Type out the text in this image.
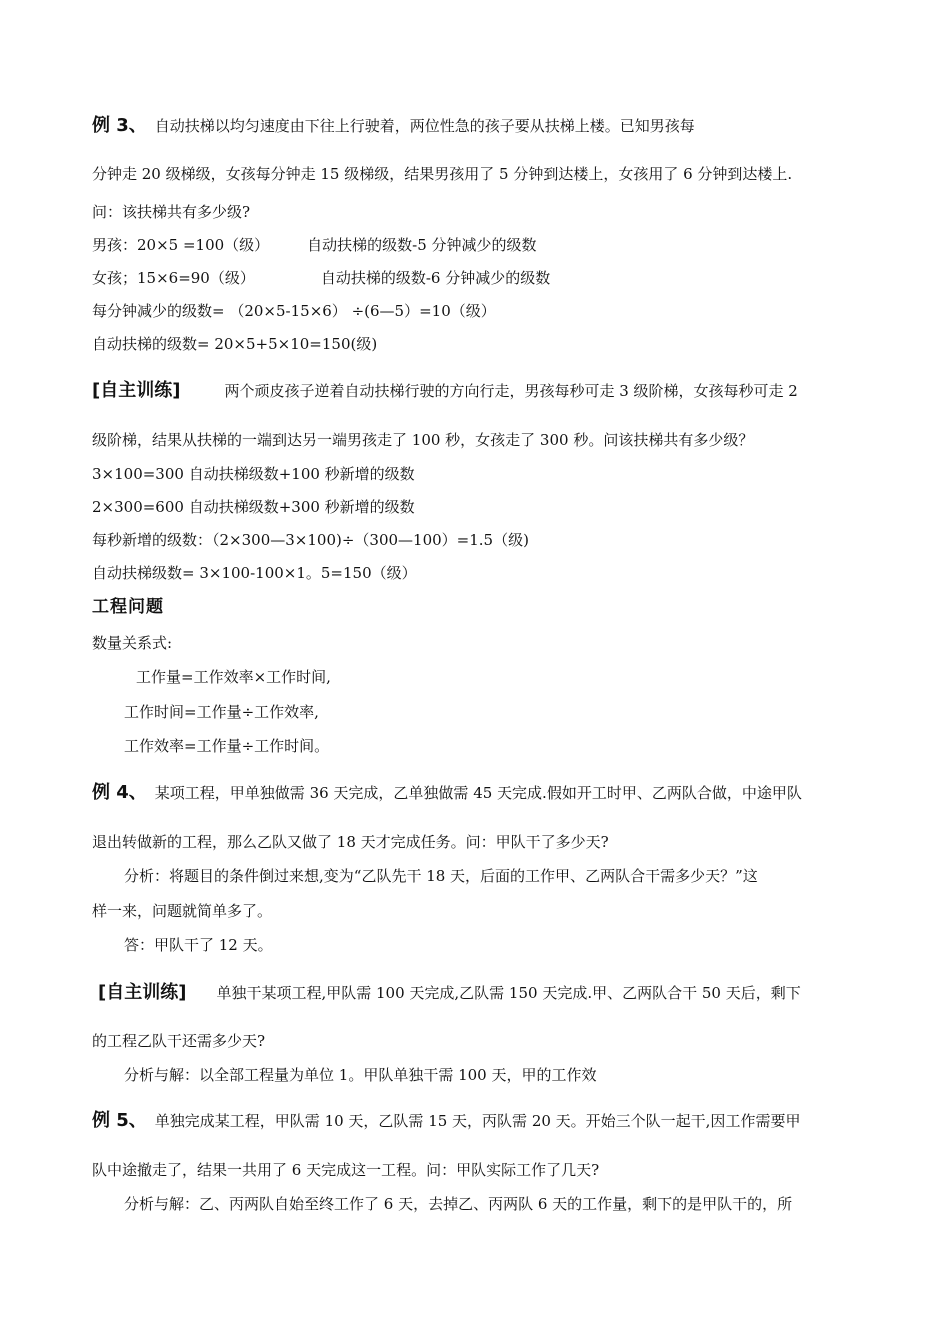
例 3、 自动扶梯以均匀速度由下往上行驶着，两位性急的孩子要从扶梯上楼。已知男孩每
分钟走 20 级梯级，女孩每分钟走 15 级梯级，结果男孩用了 5 分钟到达楼上，女孩用了 6 分钟到达楼上.
问：该扶梯共有多少级?
男孩：20×5 =100（级）	自动扶梯的级数-5 分钟减少的级数
女孩；15×6=90（级）	自动扶梯的级数-6 分钟减少的级数
每分钟减少的级数= （20×5-15×6） ÷(6—5）=10（级）
自动扶梯的级数= 20×5+5×10=150(级)
[自主训练]	两个顽皮孩子逆着自动扶梯行驶的方向行走，男孩每秒可走 3 级阶梯，女孩每秒可走 2
级阶梯，结果从扶梯的一端到达另一端男孩走了 100 秒，女孩走了 300 秒。问该扶梯共有多少级？
3×100=300 自动扶梯级数+100 秒新增的级数
2×300=600 自动扶梯级数+300 秒新增的级数
每秒新增的级数：（2×300—3×100)÷（300—100）=1.5（级)
自动扶梯级数= 3×100-100×1。5=150（级）
工程问题
数量关系式:
工作量=工作效率×工作时间,
工作时间=工作量÷工作效率,
工作效率=工作量÷工作时间。
例 4、 某项工程，甲单独做需 36 天完成，乙单独做需 45 天完成.假如开工时甲、乙两队合做，中途甲队
退出转做新的工程，那么乙队又做了 18 天才完成任务。问：甲队干了多少天?
分析：将题目的条件倒过来想,变为“乙队先干 18 天，后面的工作甲、乙两队合干需多少天？”这
样一来，问题就简单多了。
答：甲队干了 12 天。
[自主训练] 单独干某项工程,甲队需 100 天完成,乙队需 150 天完成.甲、乙两队合干 50 天后，剩下
的工程乙队干还需多少天?
分析与解：以全部工程量为单位 1。甲队单独干需 100 天，甲的工作效
例 5、 单独完成某工程，甲队需 10 天，乙队需 15 天，丙队需 20 天。开始三个队一起干,因工作需要甲
队中途撤走了，结果一共用了 6 天完成这一工程。问：甲队实际工作了几天?
分析与解：乙、丙两队自始至终工作了 6 天，去掉乙、丙两队 6 天的工作量，剩下的是甲队干的，所
